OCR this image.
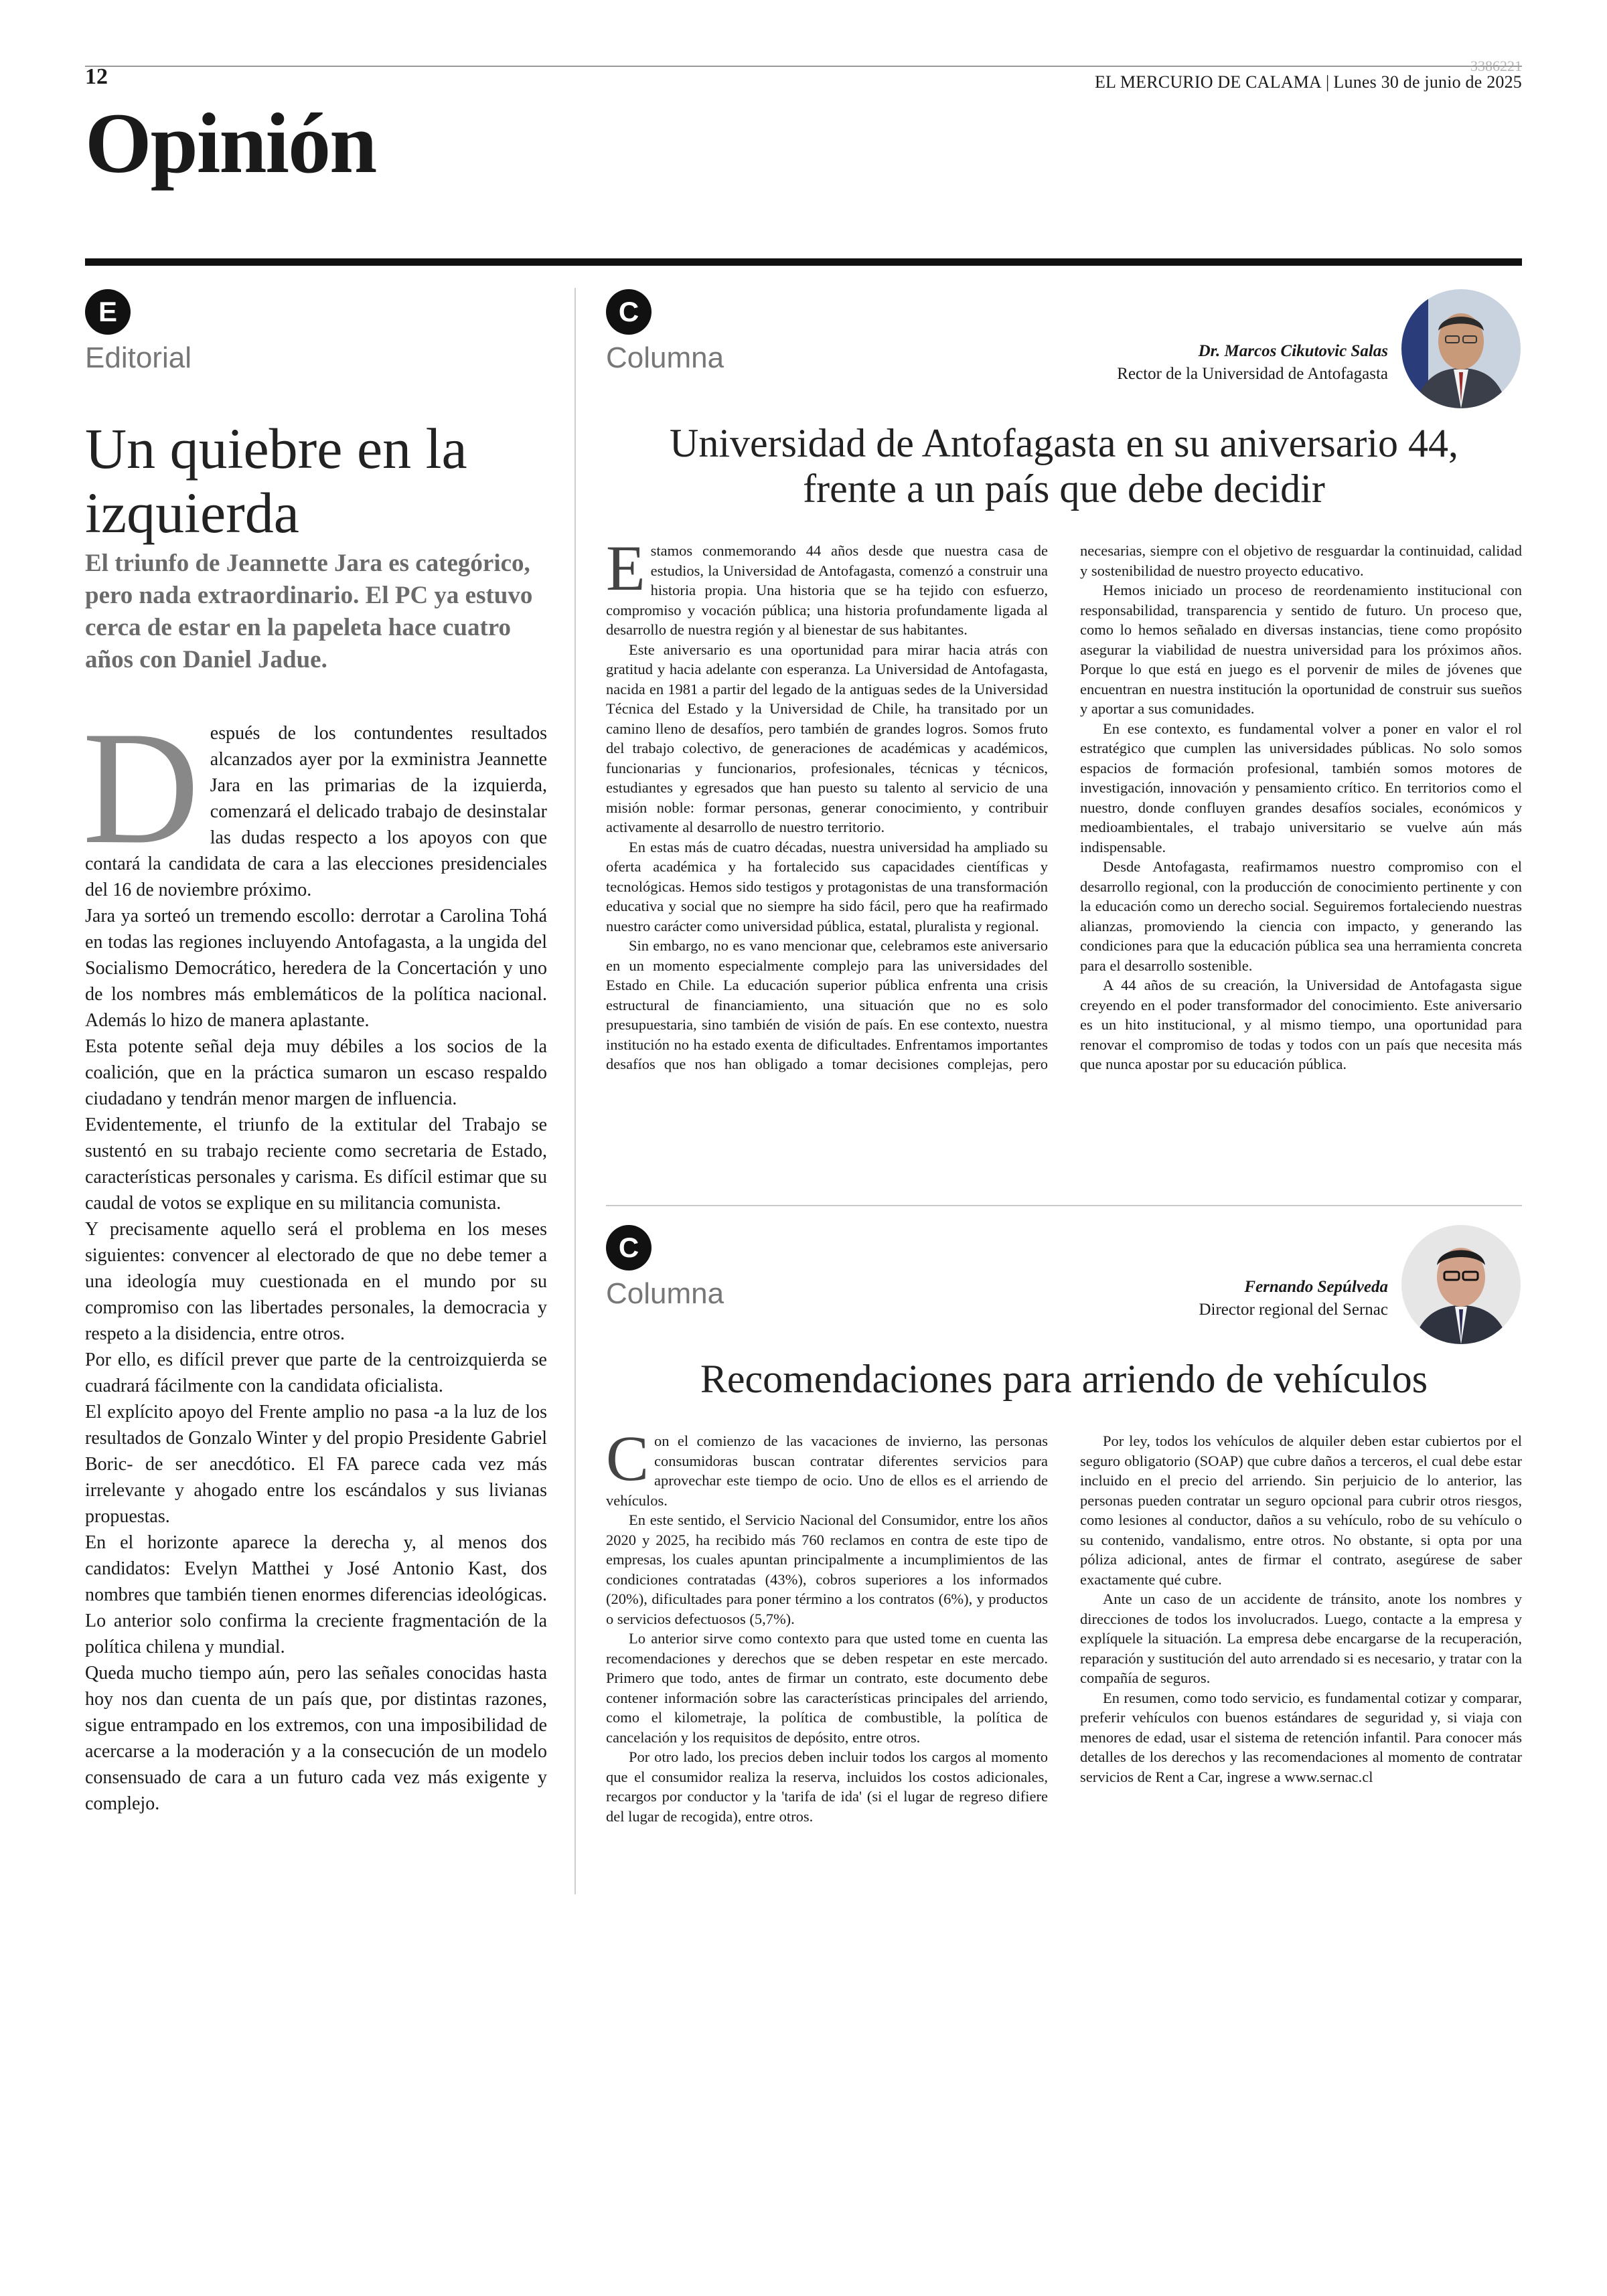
3386221
12	EL MERCURIO DE CALAMA | Lunes 30 de junio de 2025
Opinión
E
Editorial
Un quiebre en la izquierda
El triunfo de Jeannette Jara es categórico, pero nada extraordinario. El PC ya estuvo cerca de estar en la papeleta hace cuatro años con Daniel Jadue.

Después de los contundentes resultados alcanzados ayer por la exministra Jeannette Jara en las primarias de la izquierda, comenzará el delicado trabajo de desinstalar las dudas respecto a los apoyos con que contará la candidata de cara a las elecciones presidenciales del 16 de noviembre próximo.

Jara ya sorteó un tremendo escollo: derrotar a Carolina Tohá en todas las regiones incluyendo Antofagasta, a la ungida del Socialismo Democrático, heredera de la Concertación y uno de los nombres más emblemáticos de la política nacional. Además lo hizo de manera aplastante.

Esta potente señal deja muy débiles a los socios de la coalición, que en la práctica sumaron un escaso respaldo ciudadano y tendrán menor margen de influencia.

Evidentemente, el triunfo de la extitular del Trabajo se sustentó en su trabajo reciente como secretaria de Estado, características personales y carisma. Es difícil estimar que su caudal de votos se explique en su militancia comunista.

Y precisamente aquello será el problema en los meses siguientes: convencer al electorado de que no debe temer a una ideología muy cuestionada en el mundo por su compromiso con las libertades personales, la democracia y respeto a la disidencia, entre otros.

Por ello, es difícil prever que parte de la centroizquierda se cuadrará fácilmente con la candidata oficialista.

El explícito apoyo del Frente amplio no pasa -a la luz de los resultados de Gonzalo Winter y del propio Presidente Gabriel Boric- de ser anecdótico. El FA parece cada vez más irrelevante y ahogado entre los escándalos y sus livianas propuestas.

En el horizonte aparece la derecha y, al menos dos candidatos: Evelyn Matthei y José Antonio Kast, dos nombres que también tienen enormes diferencias ideológicas. Lo anterior solo confirma la creciente fragmentación de la política chilena y mundial.

Queda mucho tiempo aún, pero las señales conocidas hasta hoy nos dan cuenta de un país que, por distintas razones, sigue entrampado en los extremos, con una imposibilidad de acercarse a la moderación y a la consecución de un modelo consensuado de cara a un futuro cada vez más exigente y complejo.

C
Columna	Dr. Marcos Cikutovic Salas
Rector de la Universidad de Antofagasta
Universidad de Antofagasta en su aniversario 44,
frente a un país que debe decidir

Estamos conmemorando 44 años desde que nuestra casa de estudios, la Universidad de Antofagasta, comenzó a construir una historia propia. Una historia que se ha tejido con esfuerzo, compromiso y vocación pública; una historia profundamente ligada al desarrollo de nuestra región y al bienestar de sus habitantes.

Este aniversario es una oportunidad para mirar hacia atrás con gratitud y hacia adelante con esperanza. La Universidad de Antofagasta, nacida en 1981 a partir del legado de la antiguas sedes de la Universidad Técnica del Estado y la Universidad de Chile, ha transitado por un camino lleno de desafíos, pero también de grandes logros. Somos fruto del trabajo colectivo, de generaciones de académicas y académicos, funcionarias y funcionarios, profesionales, técnicas y técnicos, estudiantes y egresados que han puesto su talento al servicio de una misión noble: formar personas, generar conocimiento, y contribuir activamente al desarrollo de nuestro territorio.

En estas más de cuatro décadas, nuestra universidad ha ampliado su oferta académica y ha fortalecido sus capacidades científicas y tecnológicas. Hemos sido testigos y protagonistas de una transformación educativa y social que no siempre ha sido fácil, pero que ha reafirmado nuestro carácter como universidad pública, estatal, pluralista y regional.

Sin embargo, no es vano mencionar que, celebramos este aniversario en un momento especialmente complejo para las universidades del Estado en Chile. La educación superior pública enfrenta una crisis estructural de financiamiento, una situación que no es solo presupuestaria, sino también de visión de país. En ese contexto, nuestra institución no ha estado exenta de dificultades. Enfrentamos importantes desafíos que nos han obligado a tomar decisiones complejas, pero necesarias, siempre con el objetivo de resguardar la continuidad, calidad y sostenibilidad de nuestro proyecto educativo.

Hemos iniciado un proceso de reordenamiento institucional con responsabilidad, transparencia y sentido de futuro. Un proceso que, como lo hemos señalado en diversas instancias, tiene como propósito asegurar la viabilidad de nuestra universidad para los próximos años. Porque lo que está en juego es el porvenir de miles de jóvenes que encuentran en nuestra institución la oportunidad de construir sus sueños y aportar a sus comunidades.

En ese contexto, es fundamental volver a poner en valor el rol estratégico que cumplen las universidades públicas. No solo somos espacios de formación profesional, también somos motores de investigación, innovación y pensamiento crítico. En territorios como el nuestro, donde confluyen grandes desafíos sociales, económicos y medioambientales, el trabajo universitario se vuelve aún más indispensable.

Desde Antofagasta, reafirmamos nuestro compromiso con el desarrollo regional, con la producción de conocimiento pertinente y con la educación como un derecho social. Seguiremos fortaleciendo nuestras alianzas, promoviendo la ciencia con impacto, y generando las condiciones para que la educación pública sea una herramienta concreta para el desarrollo sostenible.

A 44 años de su creación, la Universidad de Antofagasta sigue creyendo en el poder transformador del conocimiento. Este aniversario es un hito institucional, y al mismo tiempo, una oportunidad para renovar el compromiso de todas y todos con un país que necesita más que nunca apostar por su educación pública.

C
Columna	Fernando Sepúlveda
Director regional del Sernac
Recomendaciones para arriendo de vehículos

Con el comienzo de las vacaciones de invierno, las personas consumidoras buscan contratar diferentes servicios para aprovechar este tiempo de ocio. Uno de ellos es el arriendo de vehículos.

En este sentido, el Servicio Nacional del Consumidor, entre los años 2020 y 2025, ha recibido más 760 reclamos en contra de este tipo de empresas, los cuales apuntan principalmente a incumplimientos de las condiciones contratadas (43%), cobros superiores a los informados (20%), dificultades para poner término a los contratos (6%), y productos o servicios defectuosos (5,7%).

Lo anterior sirve como contexto para que usted tome en cuenta las recomendaciones y derechos que se deben respetar en este mercado. Primero que todo, antes de firmar un contrato, este documento debe contener información sobre las características principales del arriendo, como el kilometraje, la política de combustible, la política de cancelación y los requisitos de depósito, entre otros.

Por otro lado, los precios deben incluir todos los cargos al momento que el consumidor realiza la reserva, incluidos los costos adicionales, recargos por conductor y la 'tarifa de ida' (si el lugar de regreso difiere del lugar de recogida), entre otros.

Por ley, todos los vehículos de alquiler deben estar cubiertos por el seguro obligatorio (SOAP) que cubre daños a terceros, el cual debe estar incluido en el precio del arriendo. Sin perjuicio de lo anterior, las personas pueden contratar un seguro opcional para cubrir otros riesgos, como lesiones al conductor, daños a su vehículo, robo de su vehículo o su contenido, vandalismo, entre otros. No obstante, si opta por una póliza adicional, antes de firmar el contrato, asegúrese de saber exactamente qué cubre.

Ante un caso de un accidente de tránsito, anote los nombres y direcciones de todos los involucrados. Luego, contacte a la empresa y explíquele la situación. La empresa debe encargarse de la recuperación, reparación y sustitución del auto arrendado si es necesario, y tratar con la compañía de seguros.

En resumen, como todo servicio, es fundamental cotizar y comparar, preferir vehículos con buenos estándares de seguridad y, si viaja con menores de edad, usar el sistema de retención infantil. Para conocer más detalles de los derechos y las recomendaciones al momento de contratar servicios de Rent a Car, ingrese a www.sernac.cl
